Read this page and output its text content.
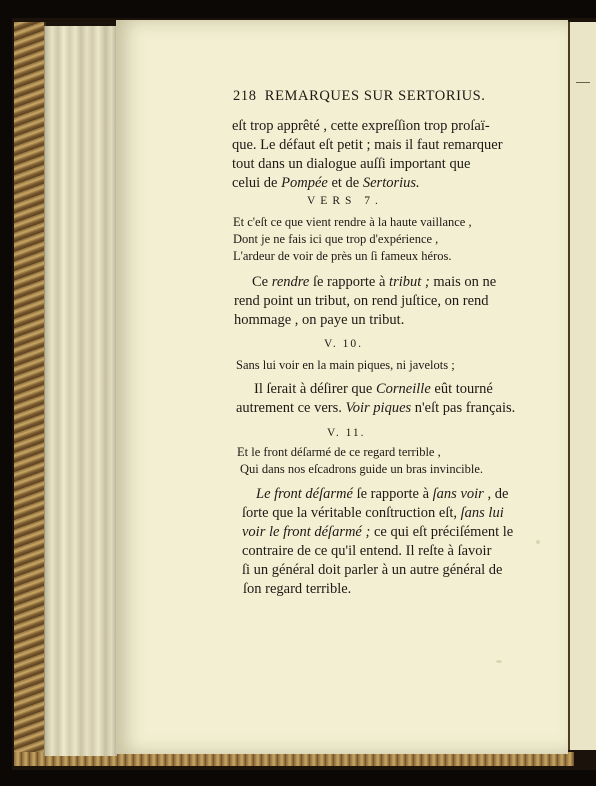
218 REMARQUES SUR SERTORIUS.
eſt trop apprêté , cette expreſſion trop proſaï-
que. Le défaut eſt petit ; mais il faut remarquer
tout dans un dialogue auſſi important que
celui de Pompée et de Sertorius.
VERS 7.
Et c'eſt ce que vient rendre à la haute vaillance ,
Dont je ne fais ici que trop d'expérience ,
L'ardeur de voir de près un ſi fameux héros.
Ce rendre ſe rapporte à tribut ; mais on ne
rend point un tribut, on rend juſtice, on rend
hommage , on paye un tribut.
V. 10.
Sans lui voir en la main piques, ni javelots ;
Il ſerait à déſirer que Corneille eût tourné
autrement ce vers. Voir piques n'eſt pas français.
V. 11.
Et le front déſarmé de ce regard terrible ,
Qui dans nos eſcadrons guide un bras invincible.
Le front déſarmé ſe rapporte à ſans voir , de
ſorte que la véritable conſtruction eſt, ſans lui
voir le front déſarmé ; ce qui eſt préciſément le
contraire de ce qu'il entend. Il reſte à ſavoir
ſi un général doit parler à un autre général de
ſon regard terrible.
